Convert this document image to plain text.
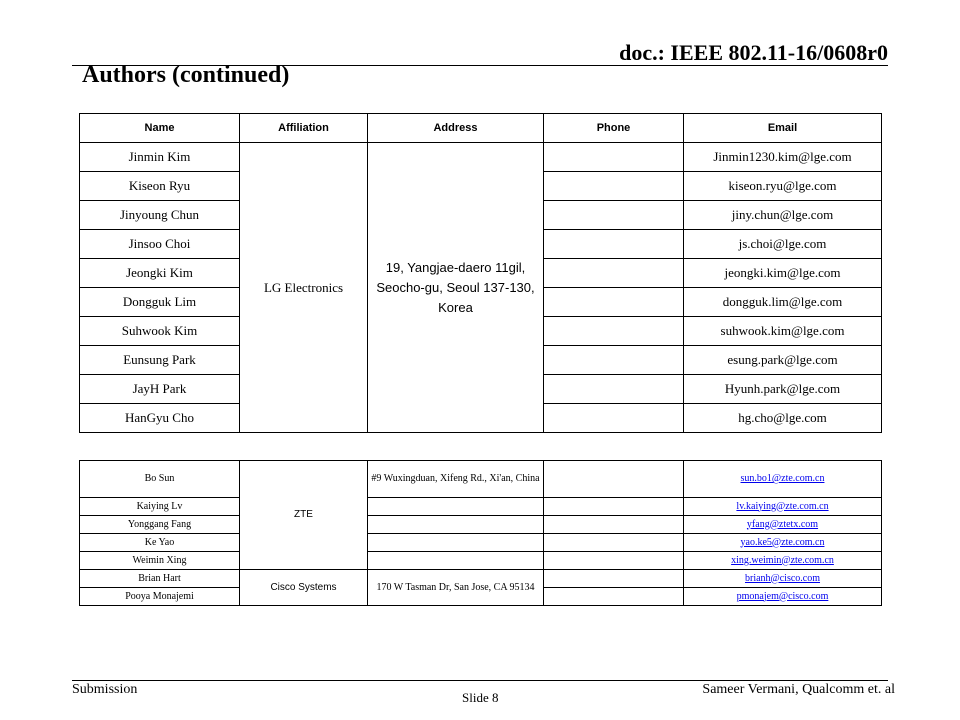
doc.: IEEE 802.11-16/0608r0
Authors (continued)
Name	Affiliation	Address	Phone	Email
Jinmin Kim	LG Electronics	19, Yangjae-daero 11gil, Seocho-gu, Seoul 137-130, Korea		Jinmin1230.kim@lge.com
Kiseon Ryu				kiseon.ryu@lge.com
Jinyoung Chun				jiny.chun@lge.com
Jinsoo Choi				js.choi@lge.com
Jeongki Kim				jeongki.kim@lge.com
Dongguk Lim				dongguk.lim@lge.com
Suhwook Kim				suhwook.kim@lge.com
Eunsung Park				esung.park@lge.com
JayH Park				Hyunh.park@lge.com
HanGyu Cho				hg.cho@lge.com
Bo Sun	ZTE	#9 Wuxingduan, Xifeng Rd., Xi'an, China		sun.bo1@zte.com.cn
Kaiying Lv				lv.kaiying@zte.com.cn
Yonggang Fang				yfang@ztetx.com
Ke Yao				yao.ke5@zte.com.cn
Weimin Xing				xing.weimin@zte.com.cn
Brian Hart	Cisco Systems	170 W Tasman Dr, San Jose, CA 95134		brianh@cisco.com
Pooya Monajemi				pmonajem@cisco.com
Submission
Slide 8
Sameer Vermani, Qualcomm et. al
